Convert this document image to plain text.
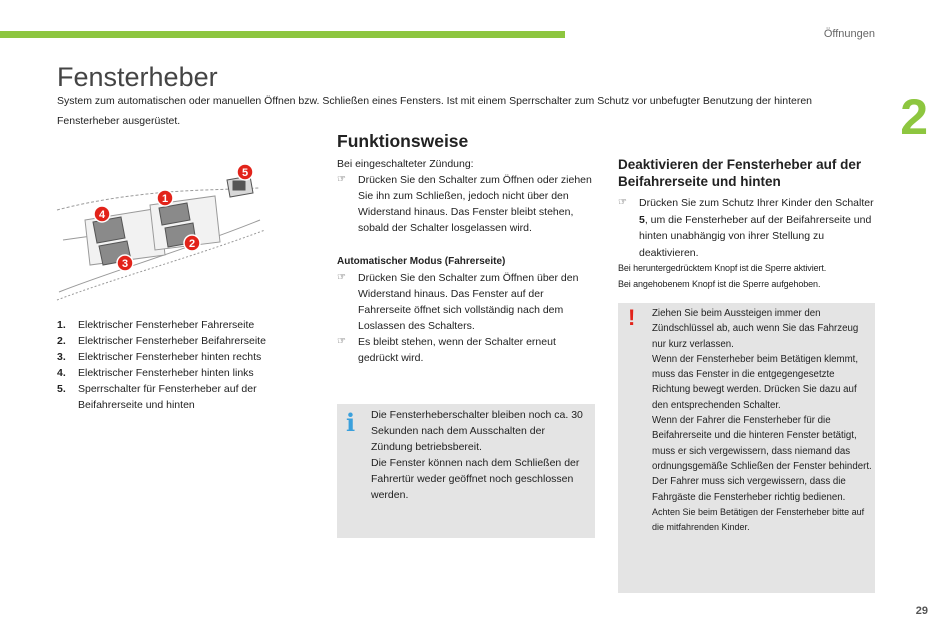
Öffnungen
2
Fensterheber
System zum automatischen oder manuellen Öffnen bzw. Schließen eines Fensters. Ist mit einem Sperrschalter zum Schutz vor unbefugter Benutzung der hinteren Fensterheber ausgerüstet.
1
2
3
4
5
1. Elektrischer Fensterheber Fahrerseite
2. Elektrischer Fensterheber Beifahrerseite
3. Elektrischer Fensterheber hinten rechts
4. Elektrischer Fensterheber hinten links
5. Sperrschalter für Fensterheber auf der Beifahrerseite und hinten
Funktionsweise
Bei eingeschalteter Zündung:
☞ Drücken Sie den Schalter zum Öffnen oder ziehen Sie ihn zum Schließen, jedoch nicht über den Widerstand hinaus. Das Fenster bleibt stehen, sobald der Schalter losgelassen wird.
Automatischer Modus (Fahrerseite)
☞ Drücken Sie den Schalter zum Öffnen über den Widerstand hinaus. Das Fenster auf der Fahrerseite öffnet sich vollständig nach dem Loslassen des Schalters.
☞ Es bleibt stehen, wenn der Schalter erneut gedrückt wird.
i Die Fensterheberschalter bleiben noch ca. 30 Sekunden nach dem Ausschalten der Zündung betriebsbereit.
Die Fenster können nach dem Schließen der Fahrertür weder geöffnet noch geschlossen werden.
Deaktivieren der Fensterheber auf der Beifahrerseite und hinten
☞ Drücken Sie zum Schutz Ihrer Kinder den Schalter 5, um die Fensterheber auf der Beifahrerseite und hinten unabhängig von ihrer Stellung zu deaktivieren.
Bei heruntergedrücktem Knopf ist die Sperre aktiviert.
Bei angehobenem Knopf ist die Sperre aufgehoben.
! Ziehen Sie beim Aussteigen immer den Zündschlüssel ab, auch wenn Sie das Fahrzeug nur kurz verlassen.
Wenn der Fensterheber beim Betätigen klemmt, muss das Fenster in die entgegengesetzte Richtung bewegt werden. Drücken Sie dazu auf den entsprechenden Schalter.
Wenn der Fahrer die Fensterheber für die Beifahrerseite und die hinteren Fenster betätigt, muss er sich vergewissern, dass niemand das ordnungsgemäße Schließen der Fenster behindert.
Der Fahrer muss sich vergewissern, dass die Fahrgäste die Fensterheber richtig bedienen.
Achten Sie beim Betätigen der Fensterheber bitte auf die mitfahrenden Kinder.
29
